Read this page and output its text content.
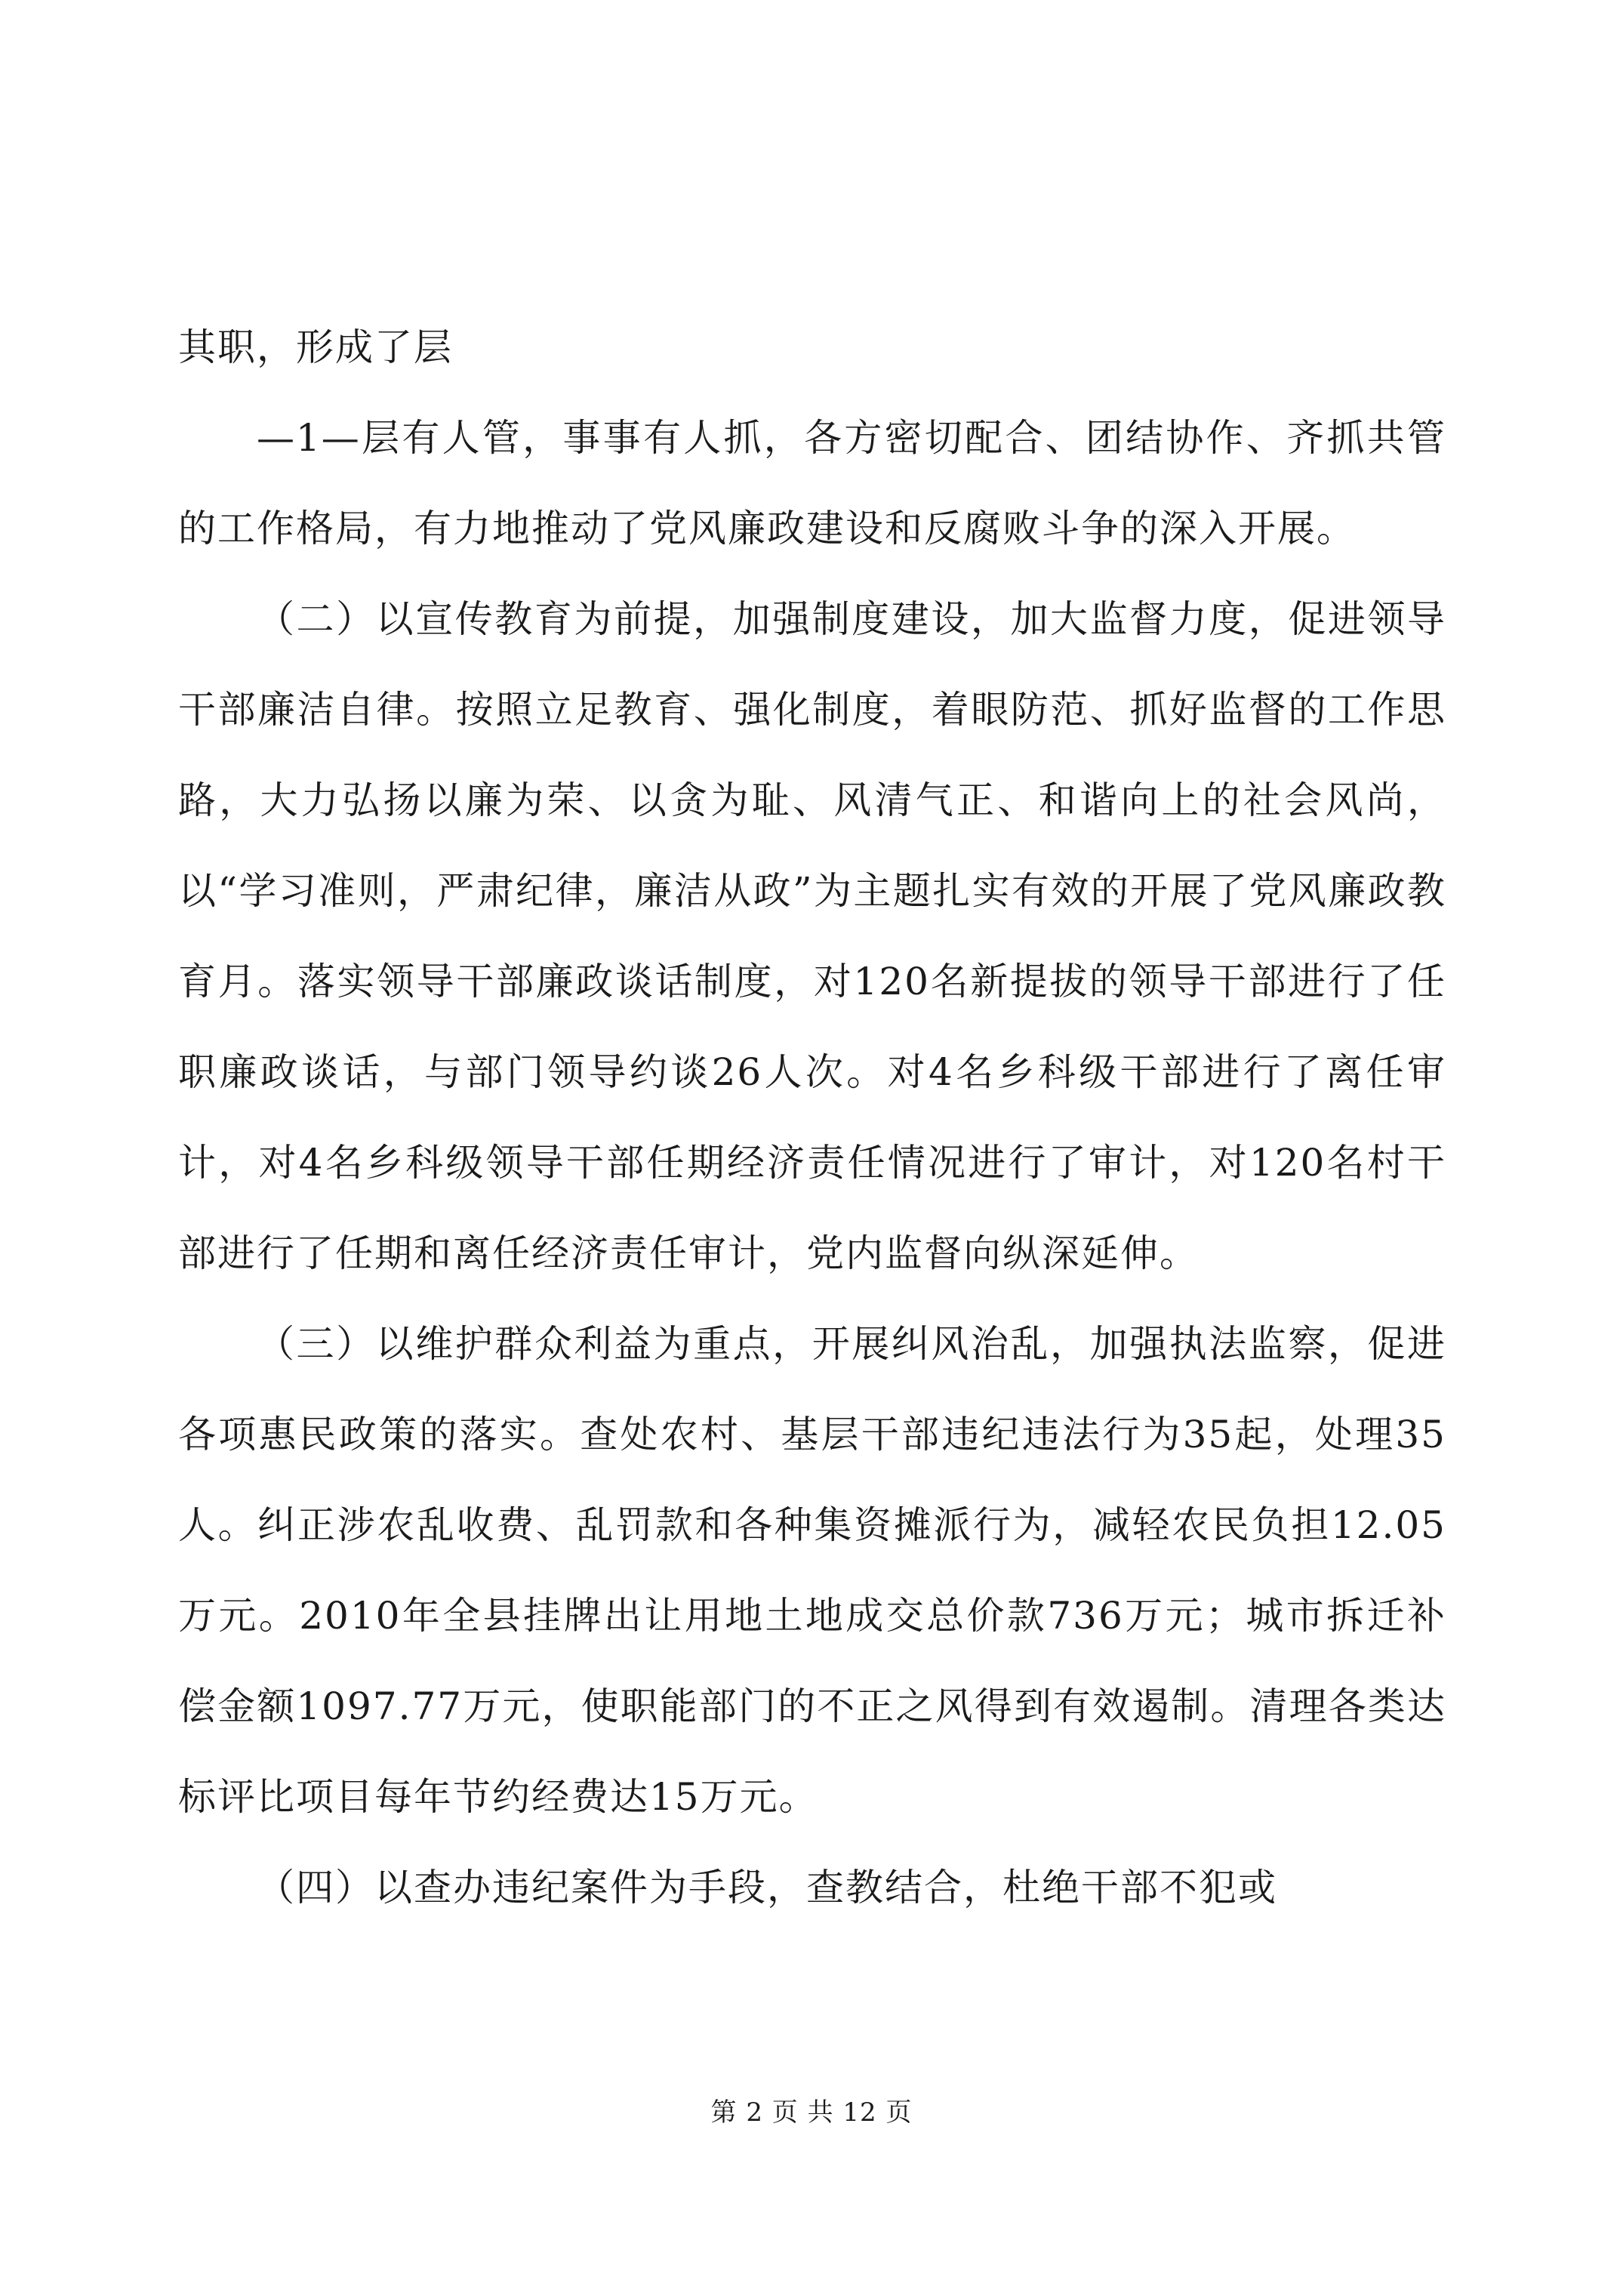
其职，形成了层

—1—层有人管，事事有人抓，各方密切配合、团结协作、齐抓共管的工作格局，有力地推动了党风廉政建设和反腐败斗争的深入开展。

（二）以宣传教育为前提，加强制度建设，加大监督力度，促进领导干部廉洁自律。按照立足教育、强化制度，着眼防范、抓好监督的工作思路，大力弘扬以廉为荣、以贪为耻、风清气正、和谐向上的社会风尚，以“学习准则，严肃纪律，廉洁从政”为主题扎实有效的开展了党风廉政教育月。落实领导干部廉政谈话制度，对120名新提拔的领导干部进行了任职廉政谈话，与部门领导约谈26人次。对4名乡科级干部进行了离任审计，对4名乡科级领导干部任期经济责任情况进行了审计，对120名村干部进行了任期和离任经济责任审计，党内监督向纵深延伸。

（三）以维护群众利益为重点，开展纠风治乱，加强执法监察，促进各项惠民政策的落实。查处农村、基层干部违纪违法行为35起，处理35人。纠正涉农乱收费、乱罚款和各种集资摊派行为，减轻农民负担12.05万元。2010年全县挂牌出让用地土地成交总价款736万元；城市拆迁补偿金额1097.77万元，使职能部门的不正之风得到有效遏制。清理各类达标评比项目每年节约经费达15万元。

（四）以查办违纪案件为手段，查教结合，杜绝干部不犯或

第 2 页 共 12 页
